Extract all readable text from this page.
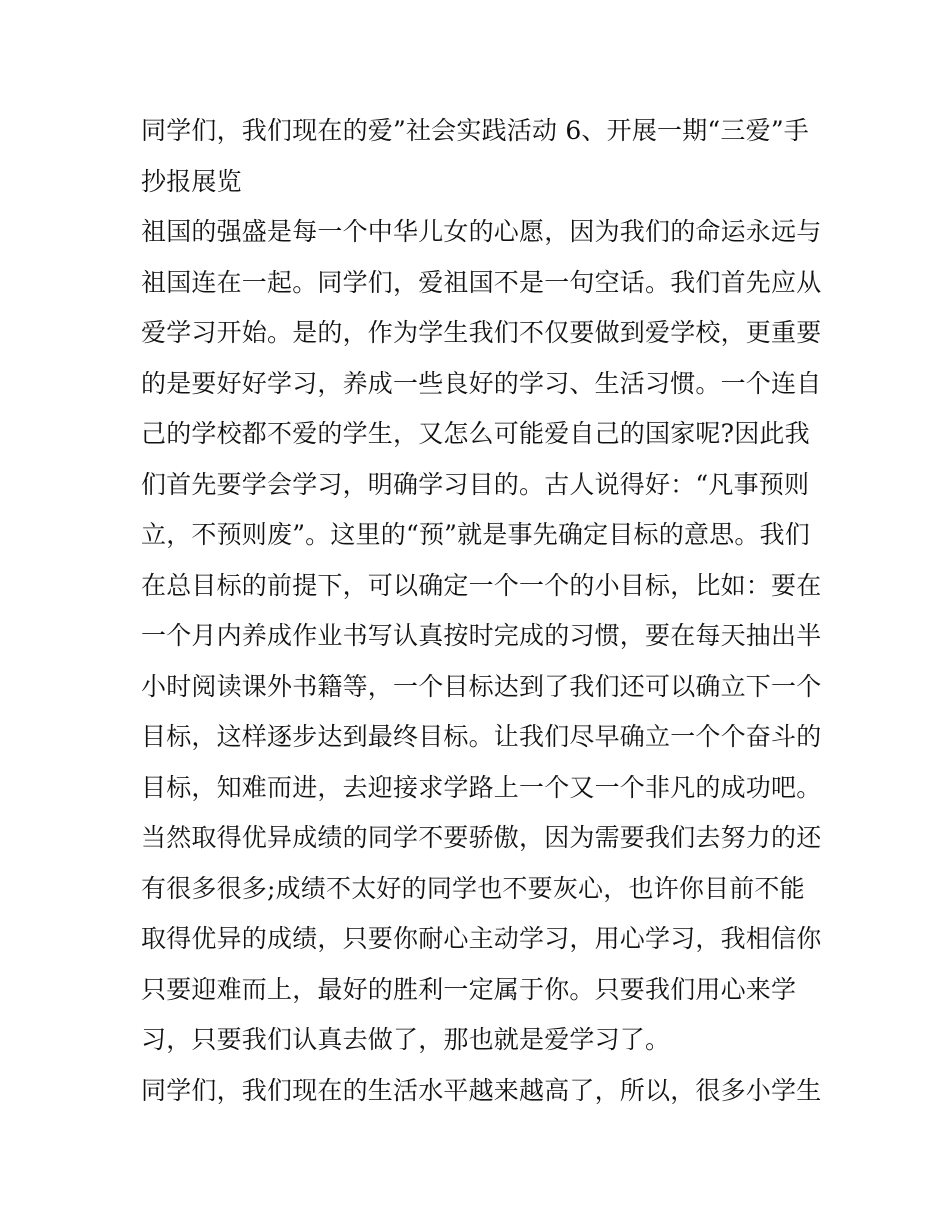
同学们，我们现在的爱”社会实践活动 6、开展一期“三爱”手
抄报展览
祖国的强盛是每一个中华儿女的心愿，因为我们的命运永远与
祖国连在一起。同学们，爱祖国不是一句空话。我们首先应从
爱学习开始。是的，作为学生我们不仅要做到爱学校，更重要
的是要好好学习，养成一些良好的学习、生活习惯。一个连自
己的学校都不爱的学生，又怎么可能爱自己的国家呢?因此我
们首先要学会学习，明确学习目的。古人说得好：“凡事预则
立，不预则废”。这里的“预”就是事先确定目标的意思。我们
在总目标的前提下，可以确定一个一个的小目标，比如：要在
一个月内养成作业书写认真按时完成的习惯，要在每天抽出半
小时阅读课外书籍等，一个目标达到了我们还可以确立下一个
目标，这样逐步达到最终目标。让我们尽早确立一个个奋斗的
目标，知难而进，去迎接求学路上一个又一个非凡的成功吧。
当然取得优异成绩的同学不要骄傲，因为需要我们去努力的还
有很多很多;成绩不太好的同学也不要灰心，也许你目前不能
取得优异的成绩，只要你耐心主动学习，用心学习，我相信你
只要迎难而上，最好的胜利一定属于你。只要我们用心来学
习，只要我们认真去做了，那也就是爱学习了。
同学们，我们现在的生活水平越来越高了，所以，很多小学生
